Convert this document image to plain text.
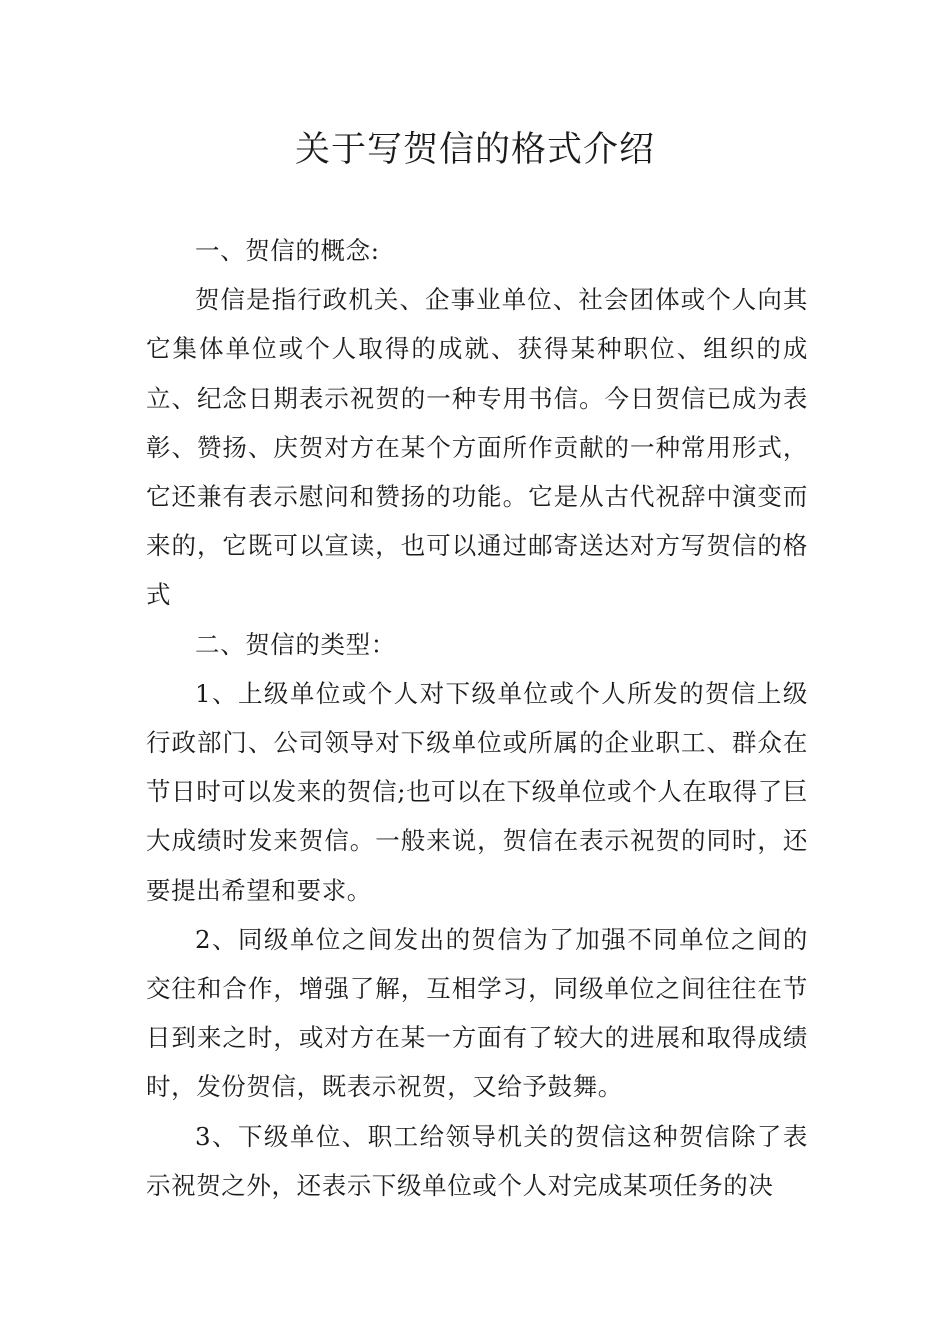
关于写贺信的格式介绍

一、贺信的概念:

贺信是指行政机关、企事业单位、社会团体或个人向其它集体单位或个人取得的成就、获得某种职位、组织的成立、纪念日期表示祝贺的一种专用书信。今日贺信已成为表彰、赞扬、庆贺对方在某个方面所作贡献的一种常用形式，它还兼有表示慰问和赞扬的功能。它是从古代祝辞中演变而来的，它既可以宣读，也可以通过邮寄送达对方写贺信的格式

二、贺信的类型：

1、上级单位或个人对下级单位或个人所发的贺信上级行政部门、公司领导对下级单位或所属的企业职工、群众在节日时可以发来的贺信;也可以在下级单位或个人在取得了巨大成绩时发来贺信。一般来说，贺信在表示祝贺的同时，还要提出希望和要求。

2、同级单位之间发出的贺信为了加强不同单位之间的交往和合作，增强了解，互相学习，同级单位之间往往在节日到来之时，或对方在某一方面有了较大的进展和取得成绩时，发份贺信，既表示祝贺，又给予鼓舞。

3、下级单位、职工给领导机关的贺信这种贺信除了表示祝贺之外，还表示下级单位或个人对完成某项任务的决
